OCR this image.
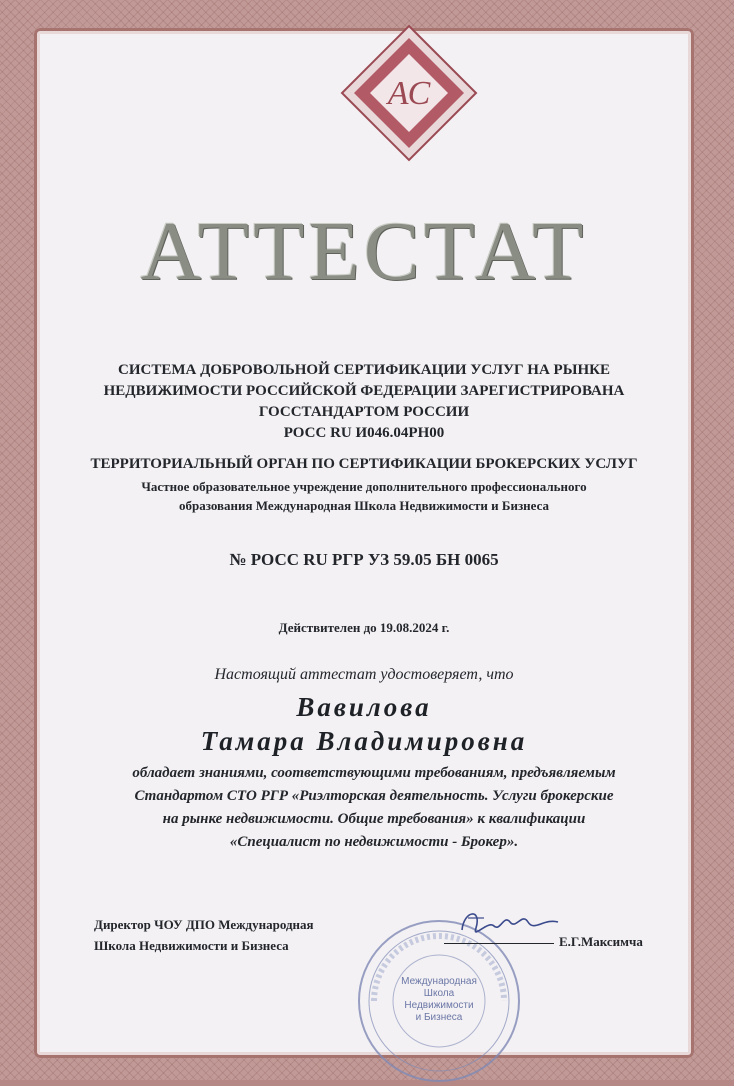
АС
АТТЕСТАТ
СИСТЕМА ДОБРОВОЛЬНОЙ СЕРТИФИКАЦИИ УСЛУГ НА РЫНКЕ
НЕДВИЖИМОСТИ РОССИЙСКОЙ ФЕДЕРАЦИИ ЗАРЕГИСТРИРОВАНА
ГОССТАНДАРТОМ РОССИИ
РОСС RU И046.04РН00
ТЕРРИТОРИАЛЬНЫЙ ОРГАН ПО СЕРТИФИКАЦИИ БРОКЕРСКИХ УСЛУГ
Частное образовательное учреждение дополнительного профессионального
образования Международная Школа Недвижимости и Бизнеса
№ РОСС RU РГР УЗ 59.05 БН 0065
Действителен до 19.08.2024 г.
Настоящий аттестат удостоверяет, что
Вавилова
Тамара Владимировна
обладает знаниями, соответствующими требованиям, предъявляемым
Стандартом СТО РГР «Риэлторская деятельность. Услуги брокерские
на рынке недвижимости. Общие требования» к квалификации
«Специалист по недвижимости - Брокер».
Директор ЧОУ ДПО Международная
Школа Недвижимости и Бизнеса
Международная
Школа
Недвижимости
и Бизнеса
Е.Г.Максимча
